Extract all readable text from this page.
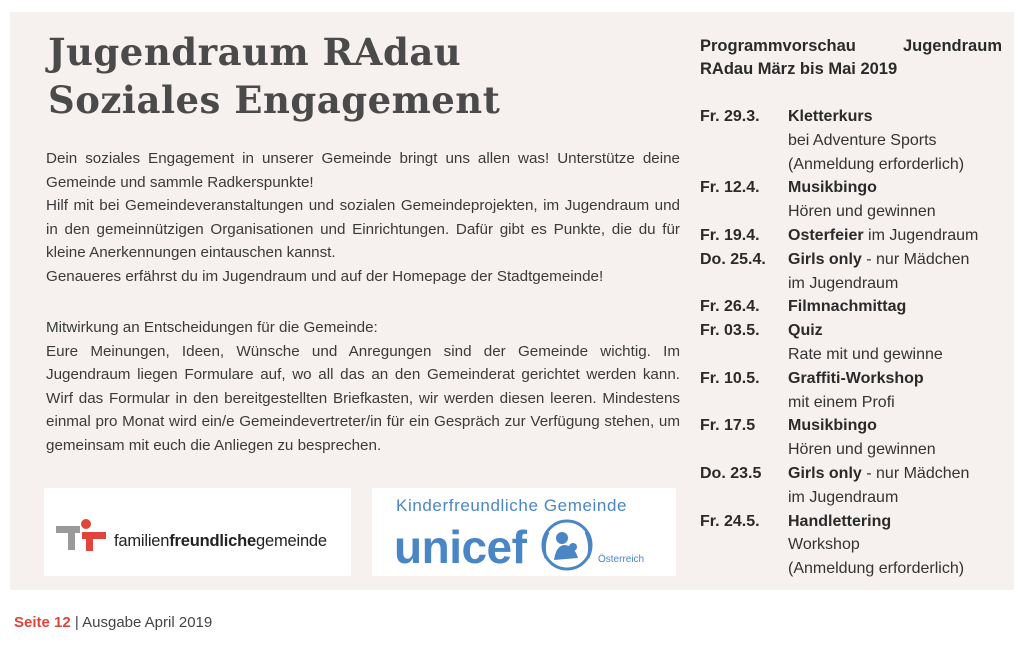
Jugendraum RAdau
Soziales Engagement

Dein soziales Engagement in unserer Gemeinde bringt uns allen was! Unterstütze deine Gemeinde und sammle Radkerspunkte!

Hilf mit bei Gemeindeveranstaltungen und sozialen Gemeindeprojekten, im Jugendraum und in den gemeinnützigen Organisationen und Einrichtungen. Dafür gibt es Punkte, die du für kleine Anerkennungen eintauschen kannst.

Genaueres erfährst du im Jugendraum und auf der Homepage der Stadtgemeinde!

Mitwirkung an Entscheidungen für die Gemeinde:

Eure Meinungen, Ideen, Wünsche und Anregungen sind der Gemeinde wichtig. Im Jugendraum liegen Formulare auf, wo all das an den Gemeinderat gerichtet werden kann. Wirf das Formular in den bereitgestellten Briefkasten, wir werden diesen leeren. Mindestens einmal pro Monat wird ein/e Gemeindevertreter/in für ein Gespräch zur Verfügung stehen, um gemeinsam mit euch die Anliegen zu besprechen.

familienfreundlichegemeinde
Kinderfreundliche Gemeinde
unicef	Österreich
Programmvorschau	Jugendraum
RAdau März bis Mai 2019
Fr. 29.3.	Kletterkurs
bei Adventure Sports
(Anmeldung erforderlich)
Fr. 12.4.	Musikbingo
Hören und gewinnen
Fr. 19.4.	Osterfeier im Jugendraum
Do. 25.4.	Girls only - nur Mädchen
im Jugendraum
Fr. 26.4.	Filmnachmittag
Fr. 03.5.	Quiz
Rate mit und gewinne
Fr. 10.5.	Graffiti-Workshop
mit einem Profi
Fr. 17.5	Musikbingo
Hören und gewinnen
Do. 23.5	Girls only - nur Mädchen
im Jugendraum
Fr. 24.5.	Handlettering
Workshop
(Anmeldung erforderlich)
Seite 12 | Ausgabe April 2019
